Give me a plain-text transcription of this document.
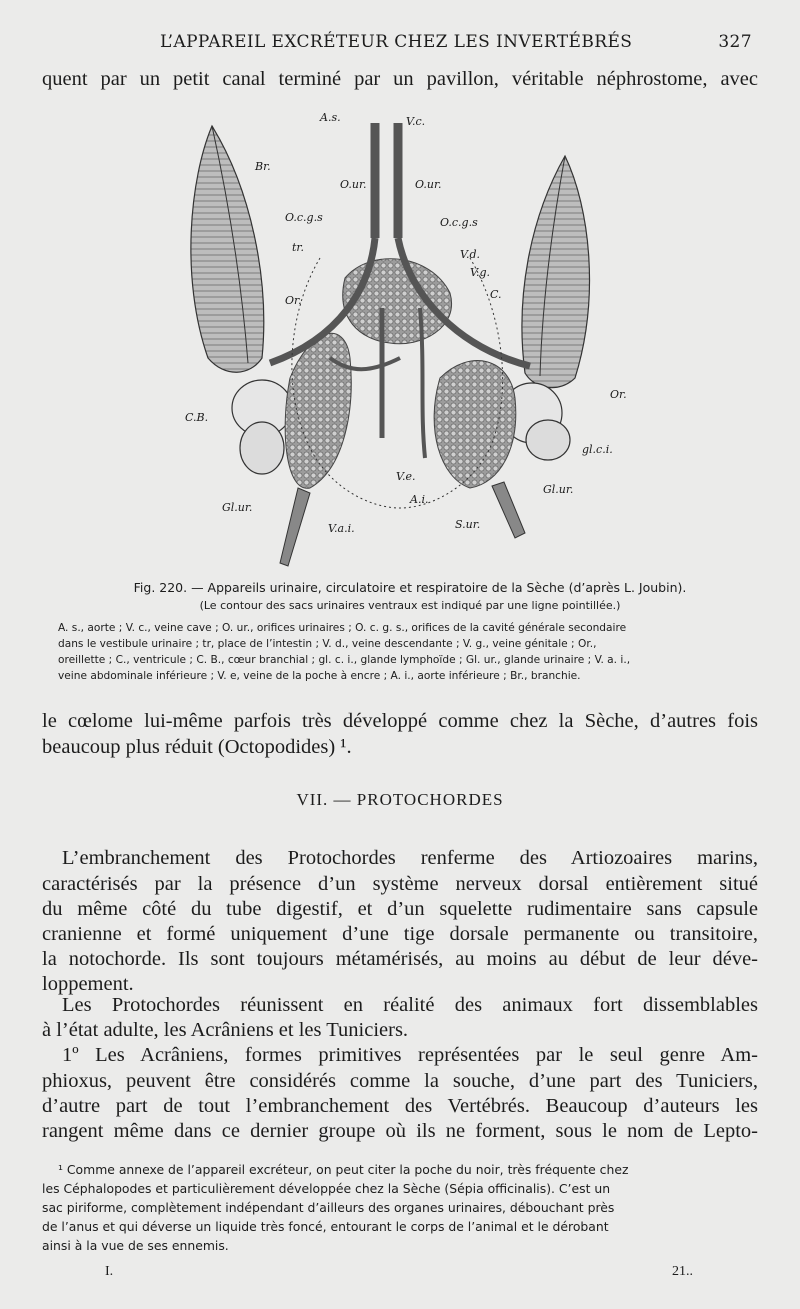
L’APPAREIL EXCRÉTEUR CHEZ LES INVERTÉBRÉS	327
quent par un petit canal terminé par un pavillon, véritable néphrostome, avec
A.s.	V.c.
Br.
O.ur.	O.ur.
O.c.g.s	O.c.g.s
tr.
V.d.
V.g.
C.
Or.
Or.
C.B.
gl.c.i.
V.e.
A.i.
Gl.ur.
Gl.ur.
V.a.i.	S.ur.
Fig. 220. — Appareils urinaire, circulatoire et respiratoire de la Sèche (d’après L. Joubin).
(Le contour des sacs urinaires ventraux est indiqué par une ligne pointillée.)
A. s., aorte ; V. c., veine cave ; O. ur., orifices urinaires ; O. c. g. s., orifices de la cavité générale secondaire
dans le vestibule urinaire ; tr, place de l’intestin ; V. d., veine descendante ; V. g., veine génitale ; Or.,
oreillette ; C., ventricule ; C. B., cœur branchial ; gl. c. i., glande lymphoïde ; Gl. ur., glande urinaire ; V. a. i.,
veine abdominale inférieure ; V. e, veine de la poche à encre ; A. i., aorte inférieure ; Br., branchie.
le cœlome lui-même parfois très développé comme chez la Sèche, d’autres fois
beaucoup plus réduit (Octopodides) ¹.
VII. — PROTOCHORDES
L’embranchement des Protochordes renferme des Artiozoaires marins,
caractérisés par la présence d’un système nerveux dorsal entièrement situé
du même côté du tube digestif, et d’un squelette rudimentaire sans capsule
cranienne et formé uniquement d’une tige dorsale permanente ou transitoire,
la notochorde. Ils sont toujours métamérisés, au moins au début de leur déve-
loppement.
Les Protochordes réunissent en réalité des animaux fort dissemblables
à l’état adulte, les Acrâniens et les Tuniciers.
1º Les Acrâniens, formes primitives représentées par le seul genre Am-
phioxus, peuvent être considérés comme la souche, d’une part des Tuniciers,
d’autre part de tout l’embranchement des Vertébrés. Beaucoup d’auteurs les
rangent même dans ce dernier groupe où ils ne forment, sous le nom de Lepto-
¹ Comme annexe de l’appareil excréteur, on peut citer la poche du noir, très fréquente chez
les Céphalopodes et particulièrement développée chez la Sèche (Sépia officinalis). C’est un
sac piriforme, complètement indépendant d’ailleurs des organes urinaires, débouchant près
de l’anus et qui déverse un liquide très foncé, entourant le corps de l’animal et le dérobant
ainsi à la vue de ses ennemis.
I.	21..
